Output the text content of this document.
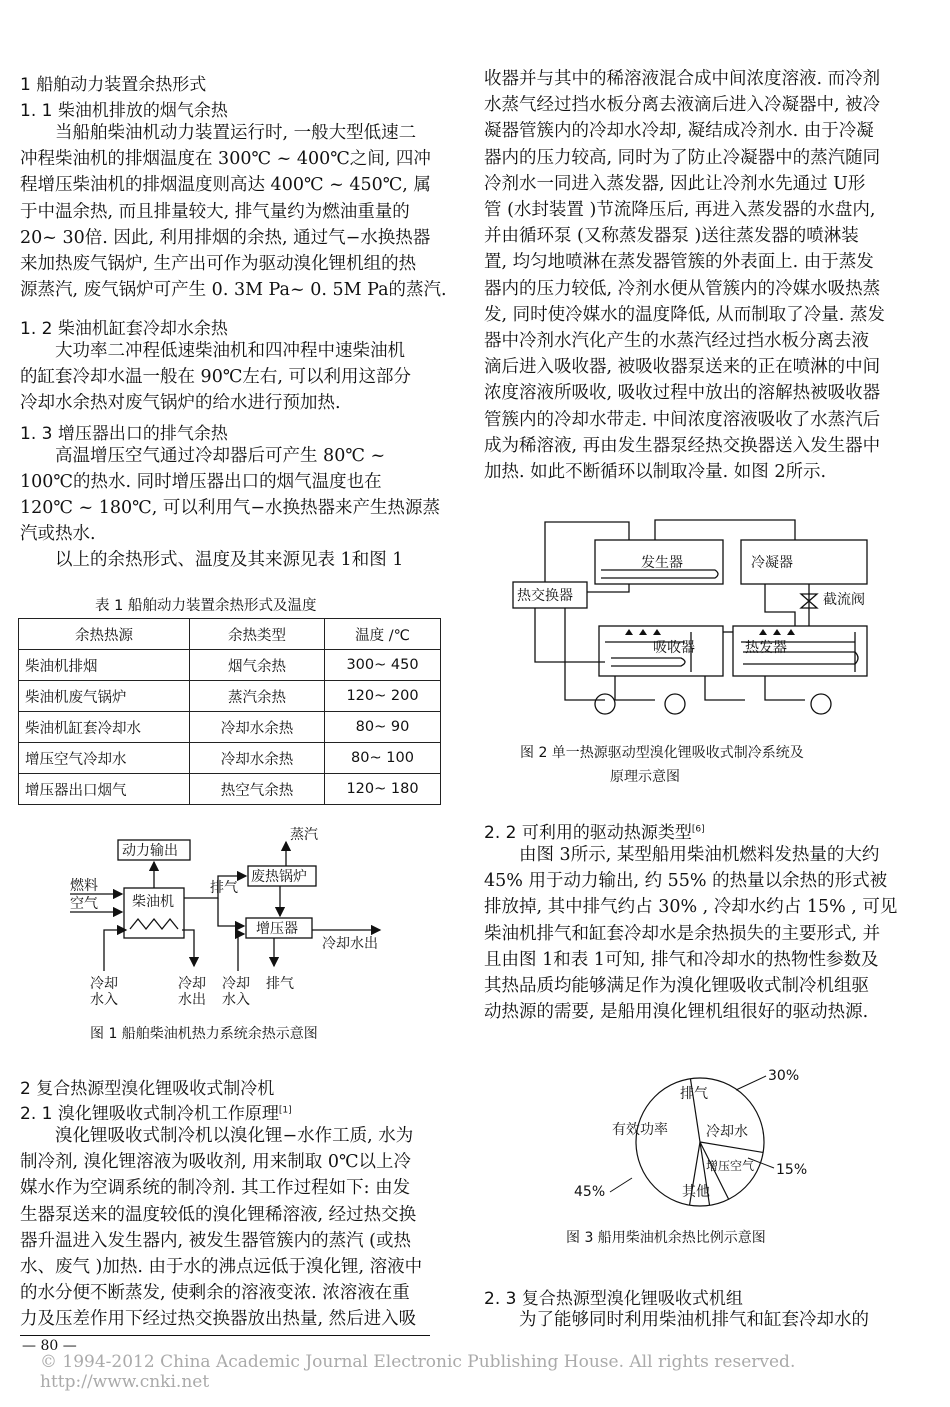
1 船舶动力装置余热形式
1. 1 柴油机排放的烟气余热
　　当船舶柴油机动力装置运行时, 一般大型低速二
冲程柴油机的排烟温度在 300℃ ~ 400℃之间, 四冲
程增压柴油机的排烟温度则高达 400℃ ~ 450℃, 属
于中温余热, 而且排量较大, 排气量约为燃油重量的
20~ 30倍. 因此, 利用排烟的余热, 通过气−水换热器
来加热废气锅炉, 生产出可作为驱动溴化锂机组的热
源蒸汽, 废气锅炉可产生 0. 3M Pa~ 0. 5M Pa的蒸汽.
1. 2 柴油机缸套冷却水余热
　　大功率二冲程低速柴油机和四冲程中速柴油机
的缸套冷却水温一般在 90℃左右, 可以利用这部分
冷却水余热对废气锅炉的给水进行预加热.
1. 3 增压器出口的排气余热
　　高温增压空气通过冷却器后可产生 80℃ ~
100℃的热水. 同时增压器出口的烟气温度也在
120℃ ~ 180℃, 可以利用气−水换热器来产生热源蒸
汽或热水.
　　以上的余热形式、温度及其来源见表 1和图 1
表 1 船舶动力装置余热形式及温度
余热热源	余热类型	温度 /℃
柴油机排烟	烟气余热	300~ 450
柴油机废气锅炉	蒸汽余热	120~ 200
柴油机缸套冷却水	冷却水余热	80~ 90
增压空气冷却水	冷却水余热	80~ 100
增压器出口烟气	热空气余热	120~ 180
动力输出
柴油机
废热锅炉
增压器
蒸汽
燃料
空气
排气
冷却水出
冷却
水入
冷却
水出
冷却
水入
排气
图 1 船舶柴油机热力系统余热示意图
2 复合热源型溴化锂吸收式制冷机
2. 1 溴化锂吸收式制冷机工作原理[1]
　　溴化锂吸收式制冷机以溴化锂−水作工质, 水为
制冷剂, 溴化锂溶液为吸收剂, 用来制取 0℃以上冷
媒水作为空调系统的制冷剂. 其工作过程如下: 由发
生器泵送来的温度较低的溴化锂稀溶液, 经过热交换
器升温进入发生器内, 被发生器管簇内的蒸汽 (或热
水、废气 )加热. 由于水的沸点远低于溴化锂, 溶液中
的水分便不断蒸发, 使剩余的溶液变浓. 浓溶液在重
力及压差作用下经过热交换器放出热量, 然后进入吸
收器并与其中的稀溶液混合成中间浓度溶液. 而冷剂
水蒸气经过挡水板分离去液滴后进入冷凝器中, 被冷
凝器管簇内的冷却水冷却, 凝结成冷剂水. 由于冷凝
器内的压力较高, 同时为了防止冷凝器中的蒸汽随同
冷剂水一同进入蒸发器, 因此让冷剂水先通过 U形
管 (水封装置 )节流降压后, 再进入蒸发器的水盘内,
并由循环泵 (又称蒸发器泵 )送往蒸发器的喷淋装
置, 均匀地喷淋在蒸发器管簇的外表面上. 由于蒸发
器内的压力较低, 冷剂水便从管簇内的冷媒水吸热蒸
发, 同时使冷媒水的温度降低, 从而制取了冷量. 蒸发
器中冷剂水汽化产生的水蒸汽经过挡水板分离去液
滴后进入吸收器, 被吸收器泵送来的正在喷淋的中间
浓度溶液所吸收, 吸收过程中放出的溶解热被吸收器
管簇内的冷却水带走. 中间浓度溶液吸收了水蒸汽后
成为稀溶液, 再由发生器泵经热交换器送入发生器中
加热. 如此不断循环以制取冷量. 如图 2所示.
发生器	冷凝器
热交换器	截流阀
吸收器	热发器
图 2 单一热源驱动型溴化锂吸收式制冷系统及
原理示意图
2. 2 可利用的驱动热源类型[6]
　　由图 3所示, 某型船用柴油机燃料发热量的大约
45% 用于动力输出, 约 55% 的热量以余热的形式被
排放掉, 其中排气约占 30% , 冷却水约占 15% , 可见
柴油机排气和缸套冷却水是余热损失的主要形式, 并
且由图 1和表 1可知, 排气和冷却水的热物性参数及
其热品质均能够满足作为溴化锂吸收式制冷机组驱
动热源的需要, 是船用溴化锂机组很好的驱动热源.
排气
有效功率	冷却水
增压空气
其他
30%
15%
45%
图 3 船用柴油机余热比例示意图
2. 3 复合热源型溴化锂吸收式机组
　　为了能够同时利用柴油机排气和缸套冷却水的
— 80 —
© 1994-2012 China Academic Journal Electronic Publishing House. All rights reserved. http://www.cnki.net
